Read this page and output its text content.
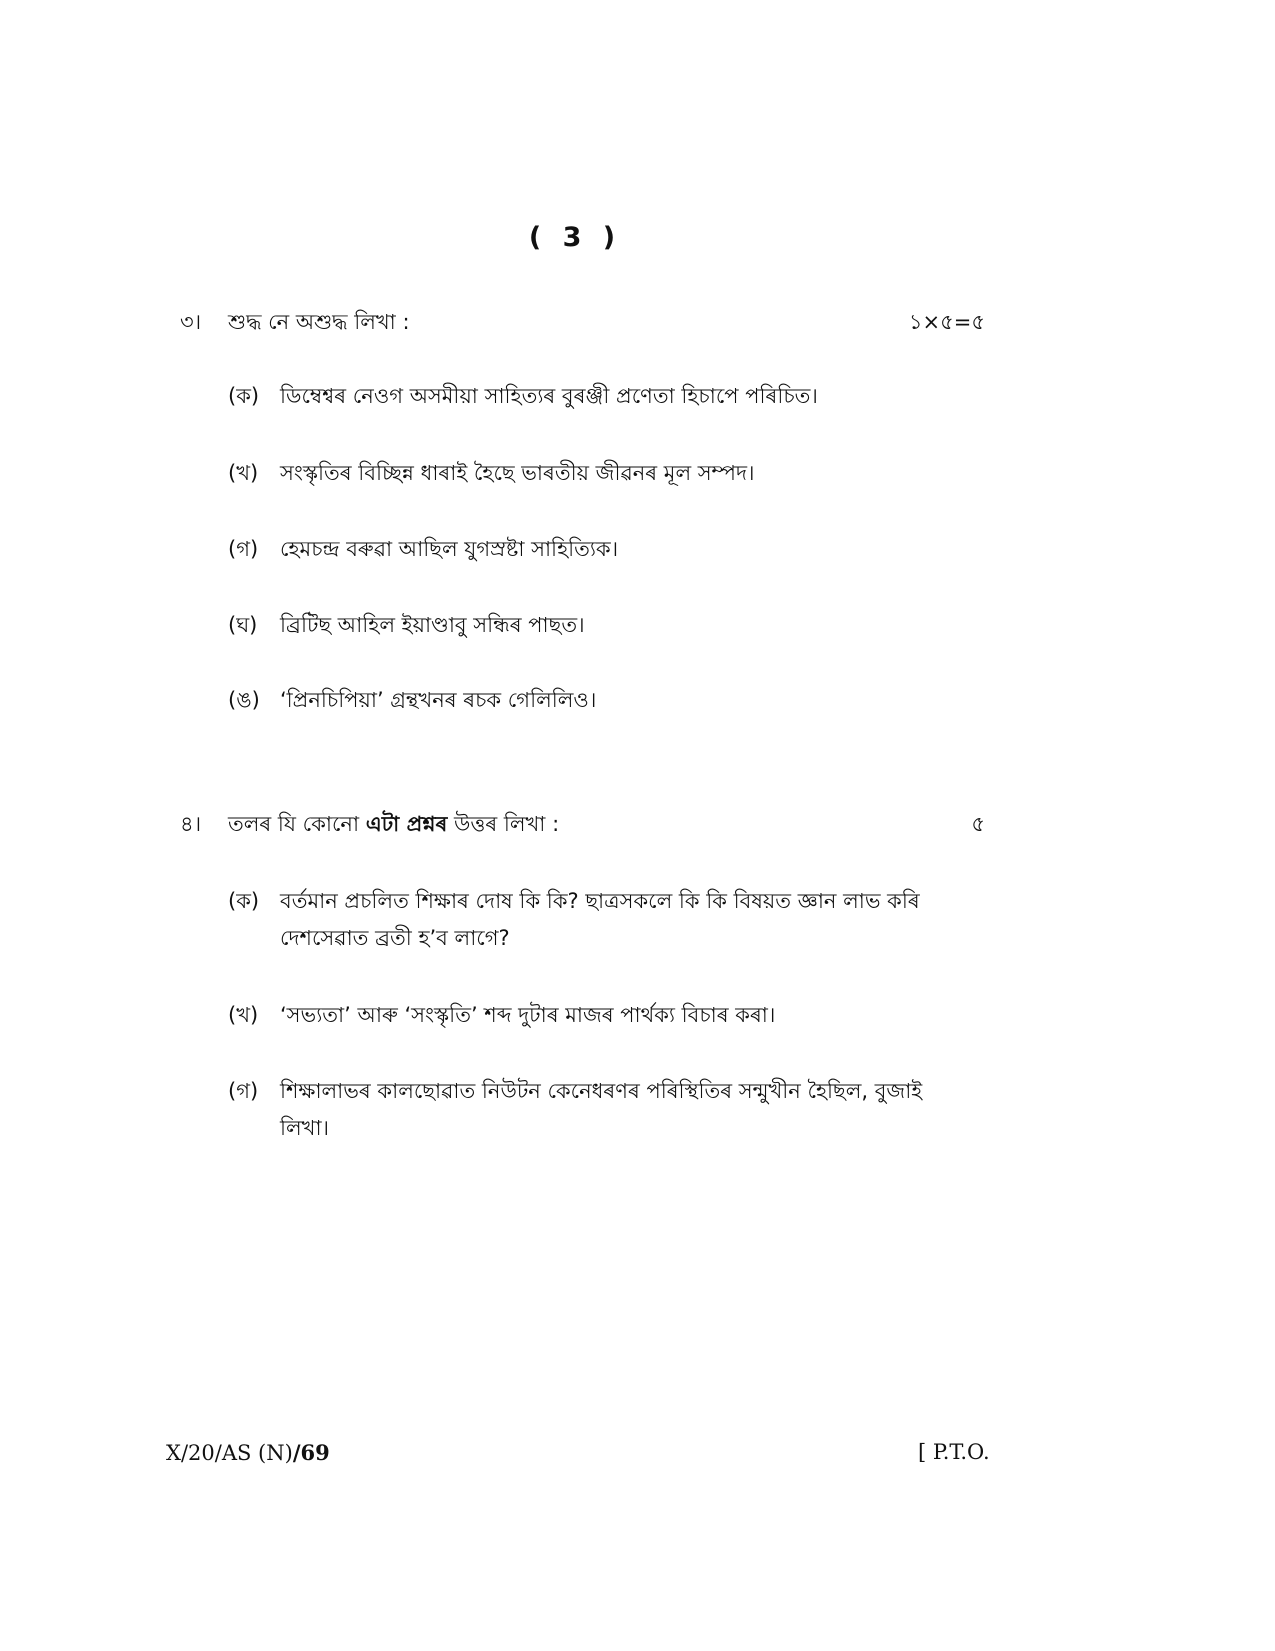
( 3 )
৩। শুদ্ধ নে অশুদ্ধ লিখা :	১×৫=৫
(ক) ডিম্বেশ্বৰ নেওগ অসমীয়া সাহিত্যৰ বুৰঞ্জী প্ৰণেতা হিচাপে পৰিচিত।
(খ) সংস্কৃতিৰ বিচ্ছিন্ন ধাৰাই হৈছে ভাৰতীয় জীৱনৰ মূল সম্পদ।
(গ) হেমচন্দ্ৰ বৰুৱা আছিল যুগস্ৰষ্টা সাহিত্যিক।
(ঘ) ব্ৰিটিছ আহিল ইয়াণ্ডাবু সন্ধিৰ পাছত।
(ঙ) ‘প্ৰিনচিপিয়া’ গ্ৰন্থখনৰ ৰচক গেলিলিও।
৪। তলৰ যি কোনো এটা প্ৰশ্নৰ উত্তৰ লিখা :	৫
(ক) বৰ্তমান প্ৰচলিত শিক্ষাৰ দোষ কি কি? ছাত্ৰসকলে কি কি বিষয়ত জ্ঞান লাভ কৰি দেশসেৱাত ব্ৰতী হ’ব লাগে?
(খ) ‘সভ্যতা’ আৰু ‘সংস্কৃতি’ শব্দ দুটাৰ মাজৰ পাৰ্থক্য বিচাৰ কৰা।
(গ) শিক্ষালাভৰ কালছোৱাত নিউটন কেনেধৰণৰ পৰিস্থিতিৰ সন্মুখীন হৈছিল, বুজাই লিখা।
X/20/AS (N)/69	[ P.T.O.
